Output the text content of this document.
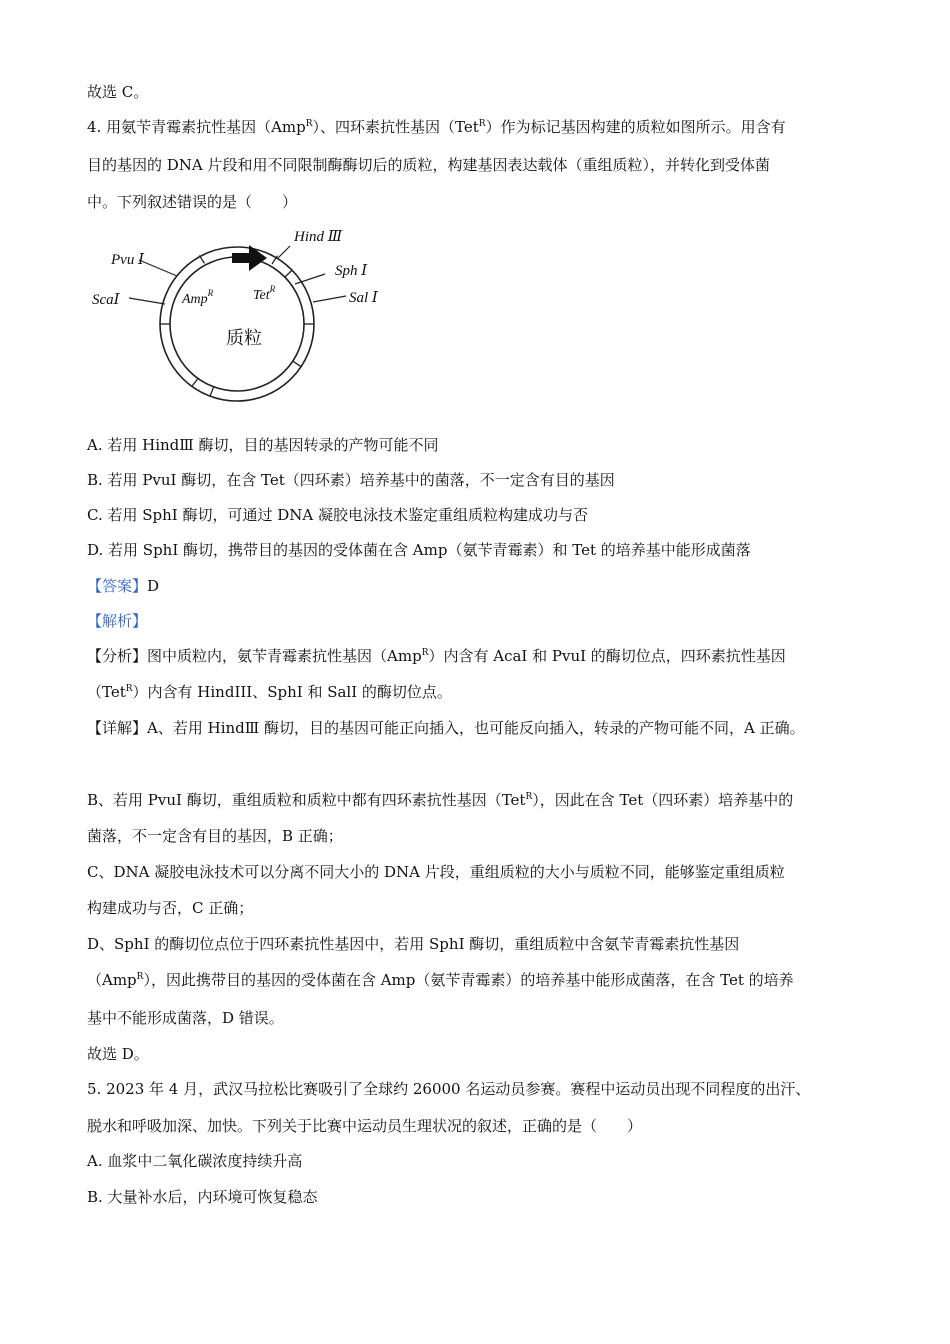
故选 C。
4. 用氨苄青霉素抗性基因（Amp$^R$）、四环素抗性基因（Tet$^R$）作为标记基因构建的质粒如图所示。用含有
目的基因的 DNA 片段和用不同限制酶酶切后的质粒，构建基因表达载体（重组质粒），并转化到受体菌
中。下列叙述错误的是（　　）
Hind Ⅲ
Sph Ⅰ
Sal Ⅰ
Pvu Ⅰ
ScaⅠ	Amp$^R$	Tet$^R$
质粒
A. 若用 HindⅢ 酶切，目的基因转录的产物可能不同
B. 若用 PvuⅠ 酶切，在含 Tet（四环素）培养基中的菌落，不一定含有目的基因
C. 若用 SphⅠ 酶切，可通过 DNA 凝胶电泳技术鉴定重组质粒构建成功与否
D. 若用 SphⅠ 酶切，携带目的基因的受体菌在含 Amp（氨苄青霉素）和 Tet 的培养基中能形成菌落
【答案】D
【解析】
【分析】图中质粒内，氨苄青霉素抗性基因（Amp$^R$）内含有 AcaI 和 PvuI 的酶切位点，四环素抗性基因
（Tet$^R$）内含有 HindIII、SphI 和 SalI 的酶切位点。
【详解】A、若用 HindⅢ 酶切，目的基因可能正向插入，也可能反向插入，转录的产物可能不同，A 正确。
B、若用 PvuⅠ 酶切，重组质粒和质粒中都有四环素抗性基因（Tet$^R$），因此在含 Tet（四环素）培养基中的
菌落，不一定含有目的基因，B 正确；
C、DNA 凝胶电泳技术可以分离不同大小的 DNA 片段，重组质粒的大小与质粒不同，能够鉴定重组质粒
构建成功与否，C 正确；
D、SphⅠ 的酶切位点位于四环素抗性基因中，若用 SphⅠ 酶切，重组质粒中含氨苄青霉素抗性基因
（Amp$^R$），因此携带目的基因的受体菌在含 Amp（氨苄青霉素）的培养基中能形成菌落，在含 Tet 的培养
基中不能形成菌落，D 错误。
故选 D。
5. 2023 年 4 月，武汉马拉松比赛吸引了全球约 26000 名运动员参赛。赛程中运动员出现不同程度的出汗、
脱水和呼吸加深、加快。下列关于比赛中运动员生理状况的叙述，正确的是（　　）
A. 血浆中二氧化碳浓度持续升高
B. 大量补水后，内环境可恢复稳态
